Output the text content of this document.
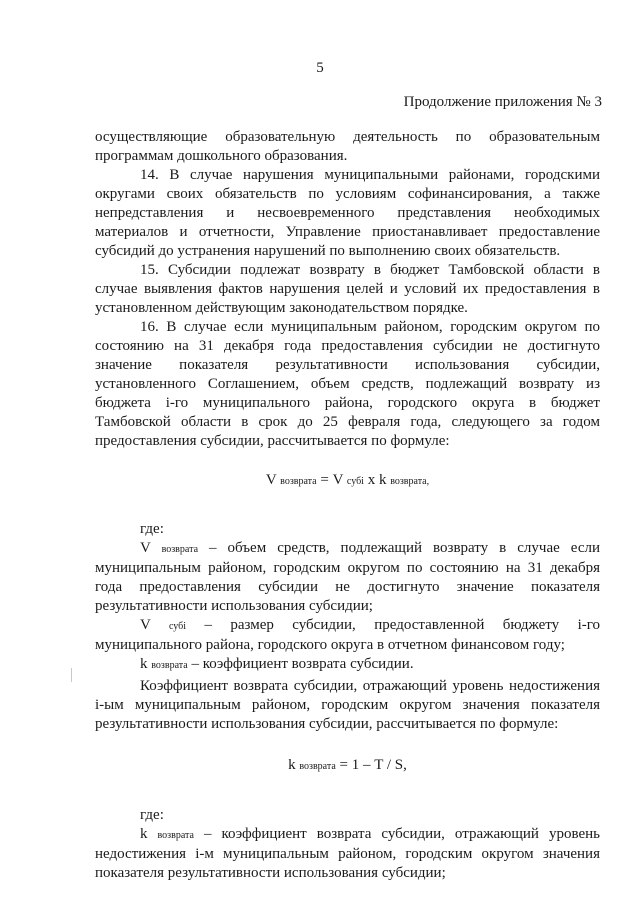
5
Продолжение приложения № 3

осуществляющие образовательную деятельность по образовательным программам дошкольного образования.

14. В случае нарушения муниципальными районами, городскими округами своих обязательств по условиям софинансирования, а также непредставления и несвоевременного представления необходимых материалов и отчетности, Управление приостанавливает предоставление субсидий до устранения нарушений по выполнению своих обязательств.

15. Субсидии подлежат возврату в бюджет Тамбовской области в случае выявления фактов нарушения целей и условий их предоставления в установленном действующим законодательством порядке.

16. В случае если муниципальным районом, городским округом по состоянию на 31 декабря года предоставления субсидии не достигнуто значение показателя результативности использования субсидии, установленного Соглашением, объем средств, подлежащий возврату из бюджета i-го муниципального района, городского округа в бюджет Тамбовской области в срок до 25 февраля года, следующего за годом предоставления субсидии, рассчитывается по формуле:

V возврата = V субi x k возврата,

где:

V возврата – объем средств, подлежащий возврату в случае если муниципальным районом, городским округом по состоянию на 31 декабря года предоставления субсидии не достигнуто значение показателя результативности использования субсидии;

V субi – размер субсидии, предоставленной бюджету i-го муниципального района, городского округа в отчетном финансовом году;

k возврата – коэффициент возврата субсидии.

Коэффициент возврата субсидии, отражающий уровень недостижения i-ым муниципальным районом, городским округом значения показателя результативности использования субсидии, рассчитывается по формуле:

k возврата = 1 – T / S,

где:

k возврата – коэффициент возврата субсидии, отражающий уровень недостижения i-м муниципальным районом, городским округом значения показателя результативности использования субсидии;
